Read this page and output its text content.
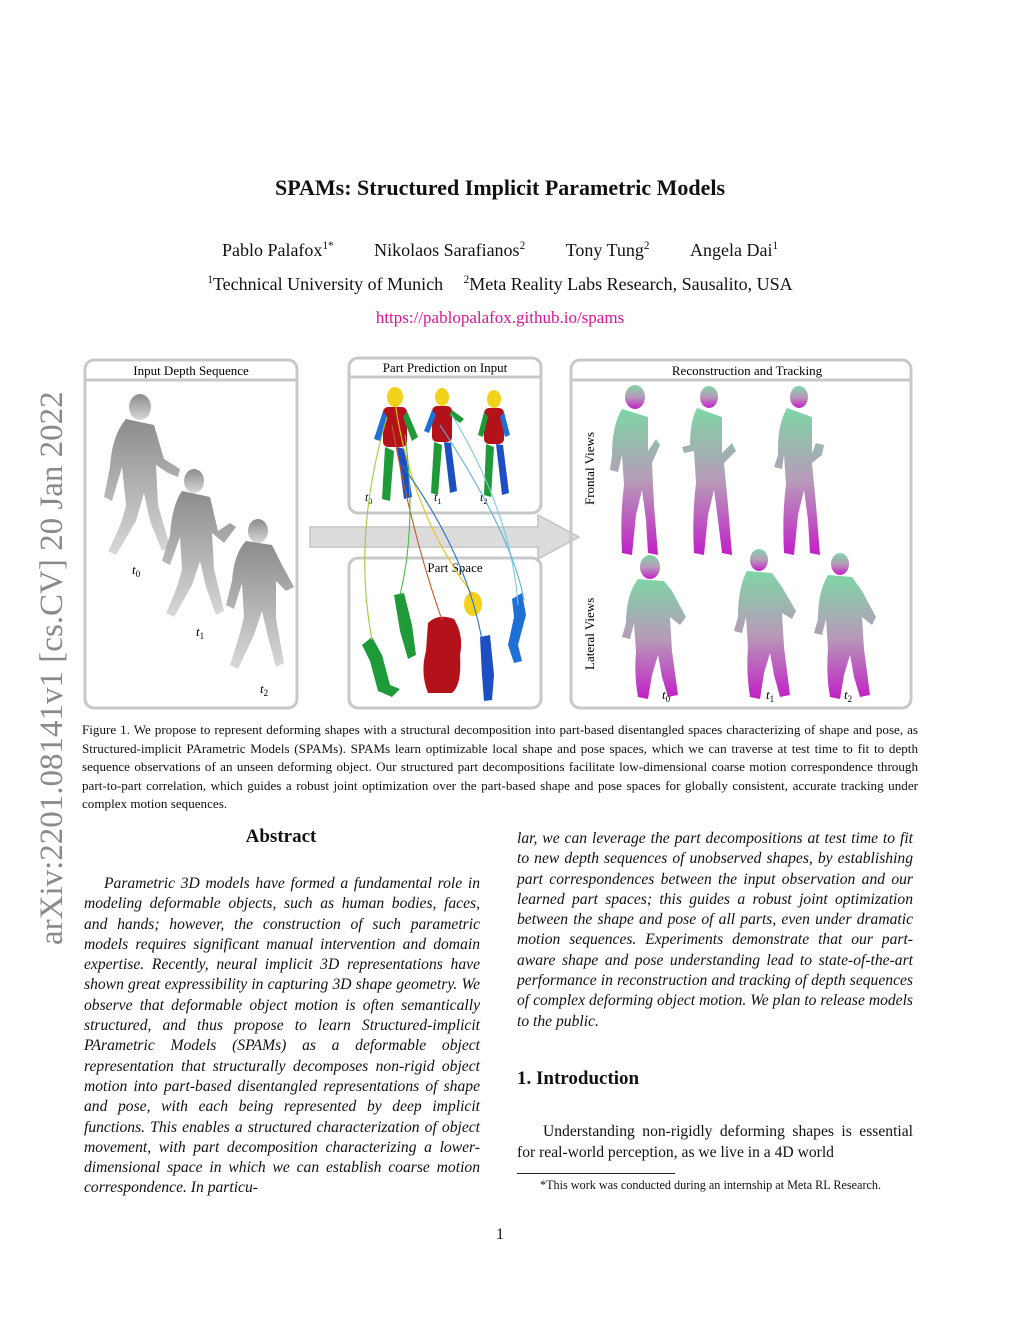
arXiv:2201.08141v1 [cs.CV] 20 Jan 2022
SPAMs: Structured Implicit Parametric Models
Pablo Palafox$^{1*}$ Nikolaos Sarafianos$^2$ Tony Tung$^2$ Angela Dai$^1$
$^1$Technical University of Munich $^2$Meta Reality Labs Research, Sausalito, USA
https://pablopalafox.github.io/spams
Input Depth Sequence
$t_0$
$t_1$
$t_2$
Part Prediction on Input
$t_0$	$t_1$	$t_2$
Part Space
Reconstruction and Tracking
Frontal Views
Lateral Views
$t_0$	$t_1$	$t_2$
Figure 1. We propose to represent deforming shapes with a structural decomposition into part-based disentangled spaces characterizing of shape and pose, as Structured-implicit PArametric Models (SPAMs). SPAMs learn optimizable local shape and pose spaces, which we can traverse at test time to fit to depth sequence observations of an unseen deforming object. Our structured part decompositions facilitate low-dimensional coarse motion correspondence through part-to-part correlation, which guides a robust joint optimization over the part-based shape and pose spaces for globally consistent, accurate tracking under complex motion sequences.
Abstract
Parametric 3D models have formed a fundamental role in modeling deformable objects, such as human bodies, faces, and hands; however, the construction of such parametric models requires significant manual intervention and domain expertise. Recently, neural implicit 3D representations have shown great expressibility in capturing 3D shape geometry. We observe that deformable object motion is often semantically structured, and thus propose to learn Structured-implicit PArametric Models (SPAMs) as a deformable object representation that structurally decomposes non-rigid object motion into part-based disentangled representations of shape and pose, with each being represented by deep implicit functions. This enables a structured characterization of object movement, with part decomposition characterizing a lower-dimensional space in which we can establish coarse motion correspondence. In particu-
lar, we can leverage the part decompositions at test time to fit to new depth sequences of unobserved shapes, by establishing part correspondences between the input observation and our learned part spaces; this guides a robust joint optimization between the shape and pose of all parts, even under dramatic motion sequences. Experiments demonstrate that our part-aware shape and pose understanding lead to state-of-the-art performance in reconstruction and tracking of depth sequences of complex deforming object motion. We plan to release models to the public.
1. Introduction
Understanding non-rigidly deforming shapes is essential for real-world perception, as we live in a 4D world
*This work was conducted during an internship at Meta RL Research.
1
